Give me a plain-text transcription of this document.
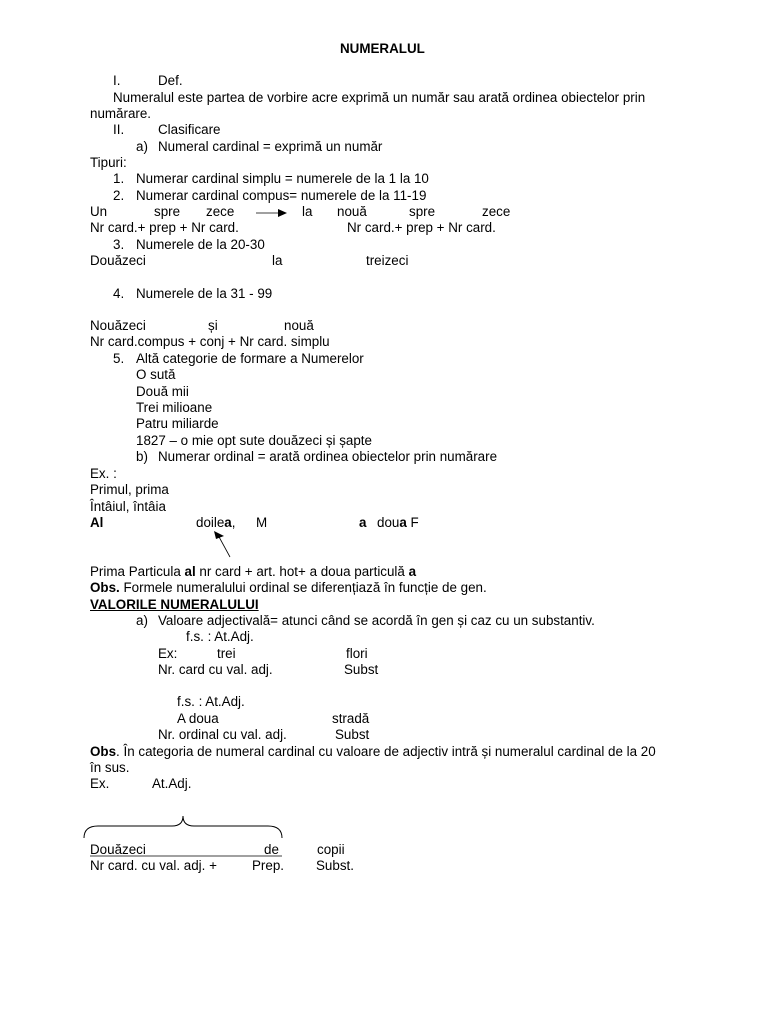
NUMERALUL
I.	Def.
Numeralul este partea de vorbire acre exprimă un număr sau arată ordinea obiectelor prin
numărare.
II.	Clasificare
a) Numeral cardinal = exprimă un număr
Tipuri:
1. Numerar cardinal simplu = numerele de la 1 la 10
2. Numerar cardinal compus= numerele de la 11-19
Un	spre zece	la nouă	spre	zece
Nr card.+ prep + Nr card.	Nr card.+ prep + Nr card.
3. Numerele de la 20-30
Douăzeci	la	treizeci
4. Numerele de la 31 - 99
Nouăzeci	și	nouă
Nr card.compus + conj + Nr card. simplu
5. Altă categorie de formare a Numerelor
O sută
Două mii
Trei milioane
Patru miliarde
1827 – o mie opt sute douăzeci și șapte
b) Numerar ordinal = arată ordinea obiectelor prin numărare
Ex. :
Primul, prima
Întâiul, întâia
Al	doilea, M	a doua F
Prima Particula al nr card + art. hot+ a doua particulă a
Obs. Formele numeralului ordinal se diferențiază în funcție de gen.
VALORILE NUMERALULUI
a) Valoare adjectivală= atunci când se acordă în gen și caz cu un substantiv.
f.s. : At.Adj.
Ex:	trei	flori
Nr. card cu val. adj.	Subst
f.s. : At.Adj.
A doua	stradă
Nr. ordinal cu val. adj.	Subst
Obs. În categoria de numeral cardinal cu valoare de adjectiv intră și numeralul cardinal de la 20
în sus.
Ex.	At.Adj.
Douăzeci	de	copii
Nr card. cu val. adj. +	Prep. Subst.
